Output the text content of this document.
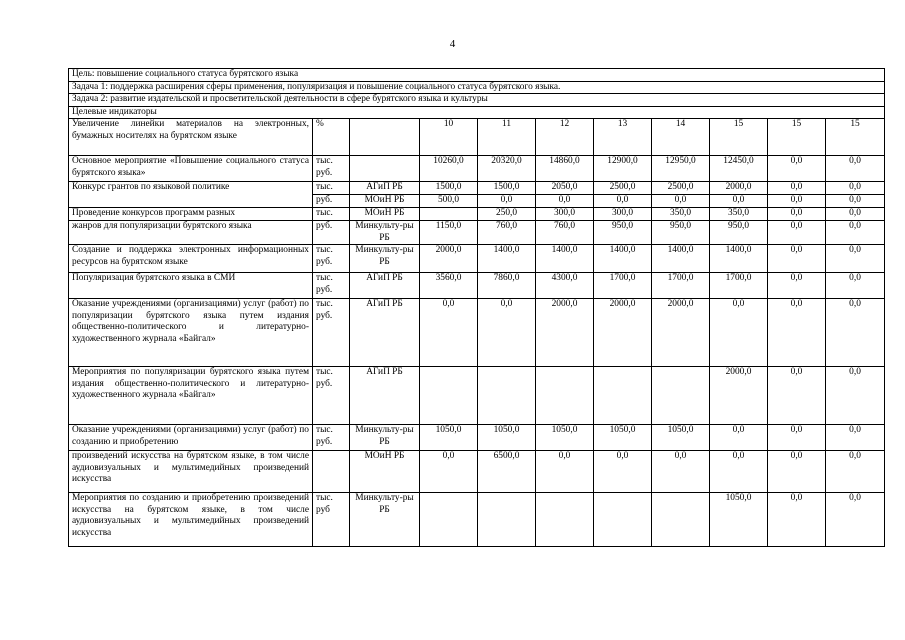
4
Цель: повышение социального статуса бурятского языка										
Задача 1: поддержка расширения сферы применения, популяризация и повышение социального статуса бурятского языка.										
Задача 2: развитие издательской и просветительской деятельности в сфере бурятского языка и культуры										
Целевые индикаторы										
Увеличение линейки материалов на электронных, бумажных носителях на бурятском языке	%		10	11	12	13	14	15	15	15
Основное мероприятие «Повышение социального статуса бурятского языка»	тыс. руб.		10260,0	20320,0	14860,0	12900,0	12950,0	12450,0	0,0	0,0
Конкурс грантов по языковой политике	тыс.	АГиП РБ	1500,0	1500,0	2050,0	2500,0	2500,0	2000,0	0,0	0,0
	руб.	МОиН РБ	500,0	0,0	0,0	0,0	0,0	0,0	0,0	0,0
Проведение конкурсов программ разных	тыс.	МОиН РБ		250,0	300,0	300,0	350,0	350,0	0,0	0,0
жанров для популяризации бурятского языка	руб.	Минкульту-ры РБ	1150,0	760,0	760,0	950,0	950,0	950,0	0,0	0,0
Создание и поддержка электронных информационных ресурсов на бурятском языке	тыс. руб.	Минкульту-ры РБ	2000,0	1400,0	1400,0	1400,0	1400,0	1400,0	0,0	0,0
Популяризация бурятского языка в СМИ	тыс. руб.	АГиП РБ	3560,0	7860,0	4300,0	1700,0	1700,0	1700,0	0,0	0,0
Оказание учреждениями (организациями) услуг (работ) по популяризации бурятского языка путем издания общественно-политического и литературно-художественного журнала «Байгал»	тыс. руб.	АГиП РБ	0,0	0,0	2000,0	2000,0	2000,0	0,0	0,0	0,0
Мероприятия по популяризации бурятского языка путем издания общественно-политического и литературно-художественного журнала «Байгал»	тыс. руб.	АГиП РБ						2000,0	0,0	0,0
Оказание учреждениями (организациями) услуг (работ) по созданию и приобретению	тыс. руб.	Минкульту-ры РБ	1050,0	1050,0	1050,0	1050,0	1050,0	0,0	0,0	0,0
произведений искусства на бурятском языке, в том числе аудиовизуальных и мультимедийных произведений искусства		МОиН РБ	0,0	6500,0	0,0	0,0	0,0	0,0	0,0	0,0
Мероприятия по созданию и приобретению произведений искусства на бурятском языке, в том числе аудиовизуальных и мультимедийных произведений искусства	тыс. руб	Минкульту-ры РБ						1050,0	0,0	0,0
